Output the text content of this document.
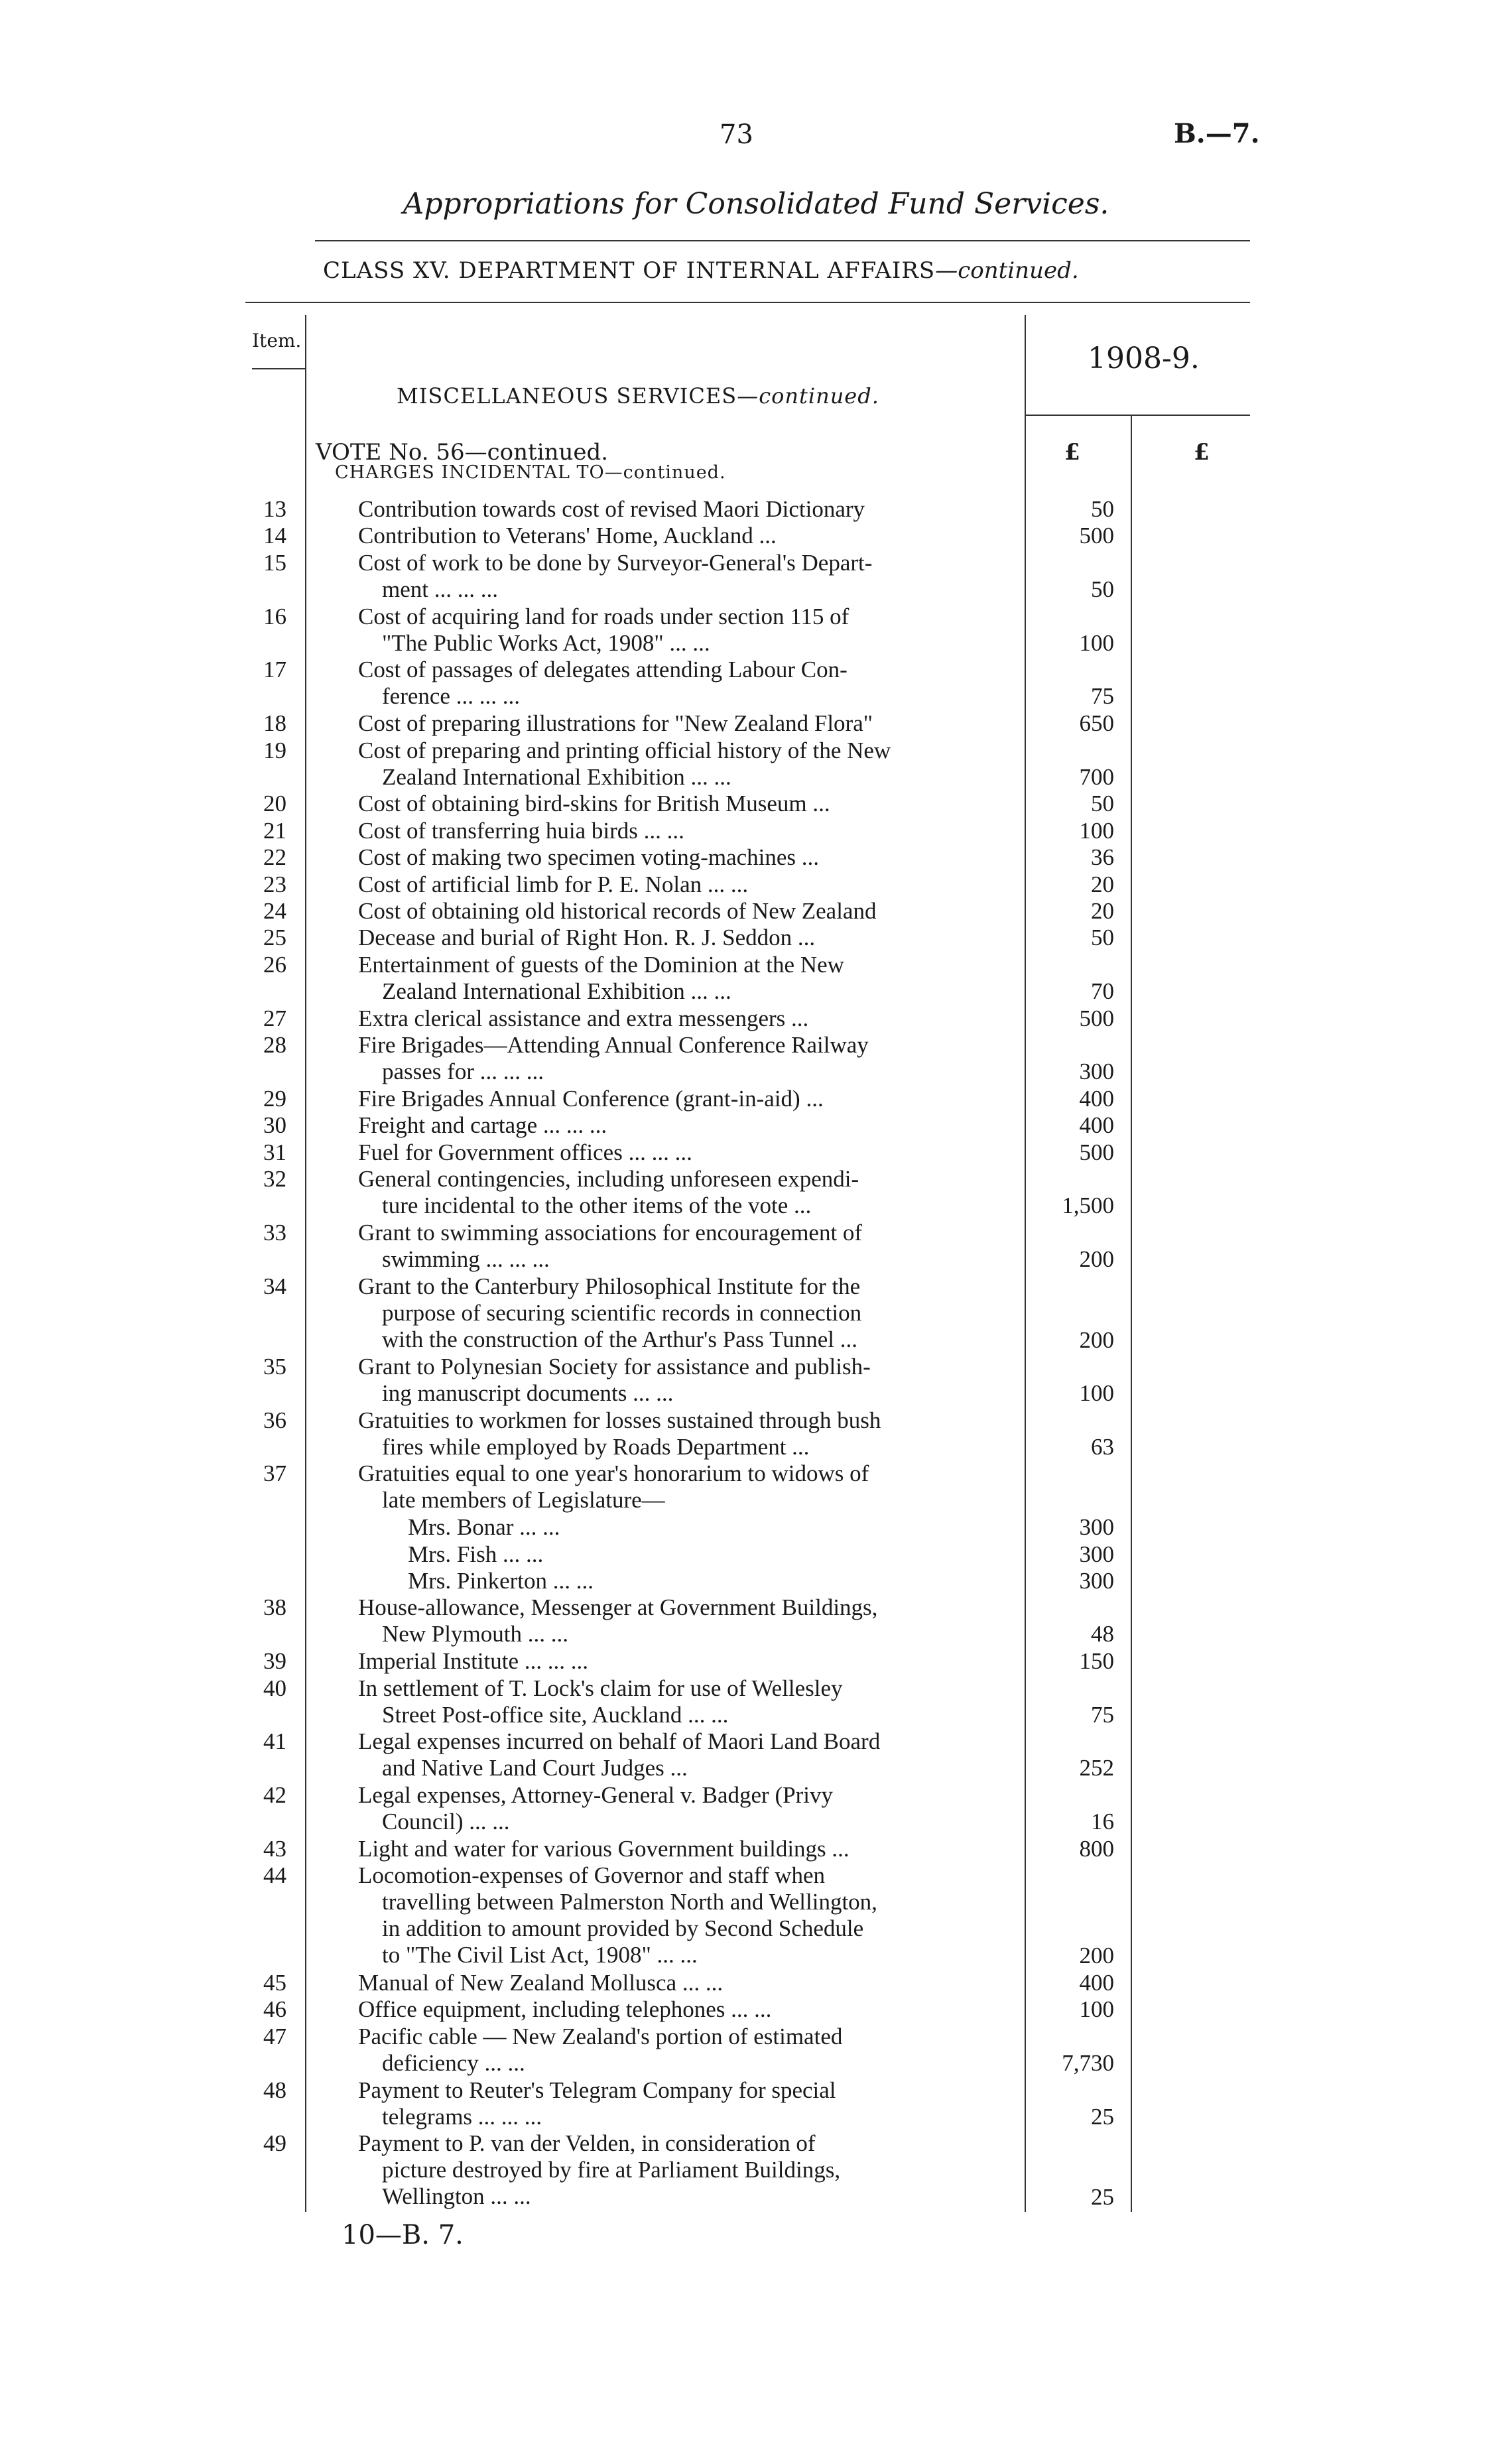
73	B.—7.
Appropriations for Consolidated Fund Services.
CLASS XV. DEPARTMENT OF INTERNAL AFFAIRS—continued.
Item.
1908-9.
MISCELLANEOUS SERVICES—continued.
VOTE No. 56—continued.
CHARGES INCIDENTAL TO—continued.
£	£
13	Contribution towards cost of revised Maori Dictionary	50
14	Contribution to Veterans' Home, Auckland ...	500
15	Cost of work to be done by Surveyor-General's Depart-
ment ... ... ...	50
16	Cost of acquiring land for roads under section 115 of
"The Public Works Act, 1908" ... ...	100
17	Cost of passages of delegates attending Labour Con-
ference ... ... ...	75
18	Cost of preparing illustrations for "New Zealand Flora"	650
19	Cost of preparing and printing official history of the New
Zealand International Exhibition ... ...	700
20	Cost of obtaining bird-skins for British Museum ...	50
21	Cost of transferring huia birds ... ...	100
22	Cost of making two specimen voting-machines ...	36
23	Cost of artificial limb for P. E. Nolan ... ...	20
24	Cost of obtaining old historical records of New Zealand	20
25	Decease and burial of Right Hon. R. J. Seddon ...	50
26	Entertainment of guests of the Dominion at the New
Zealand International Exhibition ... ...	70
27	Extra clerical assistance and extra messengers ...	500
28	Fire Brigades—Attending Annual Conference Railway
passes for ... ... ...	300
29	Fire Brigades Annual Conference (grant-in-aid) ...	400
30	Freight and cartage ... ... ...	400
31	Fuel for Government offices ... ... ...	500
32	General contingencies, including unforeseen expendi-
ture incidental to the other items of the vote ...	1,500
33	Grant to swimming associations for encouragement of
swimming ... ... ...	200
34	Grant to the Canterbury Philosophical Institute for the
purpose of securing scientific records in connection
with the construction of the Arthur's Pass Tunnel ...	200
35	Grant to Polynesian Society for assistance and publish-
ing manuscript documents ... ...	100
36	Gratuities to workmen for losses sustained through bush
fires while employed by Roads Department ...	63
37	Gratuities equal to one year's honorarium to widows of
late members of Legislature—
Mrs. Bonar ... ...	300
Mrs. Fish ... ...	300
Mrs. Pinkerton ... ...	300
38	House-allowance, Messenger at Government Buildings,
New Plymouth ... ...	48
39	Imperial Institute ... ... ...	150
40	In settlement of T. Lock's claim for use of Wellesley
Street Post-office site, Auckland ... ...	75
41	Legal expenses incurred on behalf of Maori Land Board
and Native Land Court Judges ...	252
42	Legal expenses, Attorney-General v. Badger (Privy
Council) ... ...	16
43	Light and water for various Government buildings ...	800
44	Locomotion-expenses of Governor and staff when
travelling between Palmerston North and Wellington,
in addition to amount provided by Second Schedule
to "The Civil List Act, 1908" ... ...	200
45	Manual of New Zealand Mollusca ... ...	400
46	Office equipment, including telephones ... ...	100
47	Pacific cable — New Zealand's portion of estimated
deficiency ... ...	7,730
48	Payment to Reuter's Telegram Company for special
telegrams ... ... ...	25
49	Payment to P. van der Velden, in consideration of
picture destroyed by fire at Parliament Buildings,
Wellington ... ...	25
10—B. 7.
